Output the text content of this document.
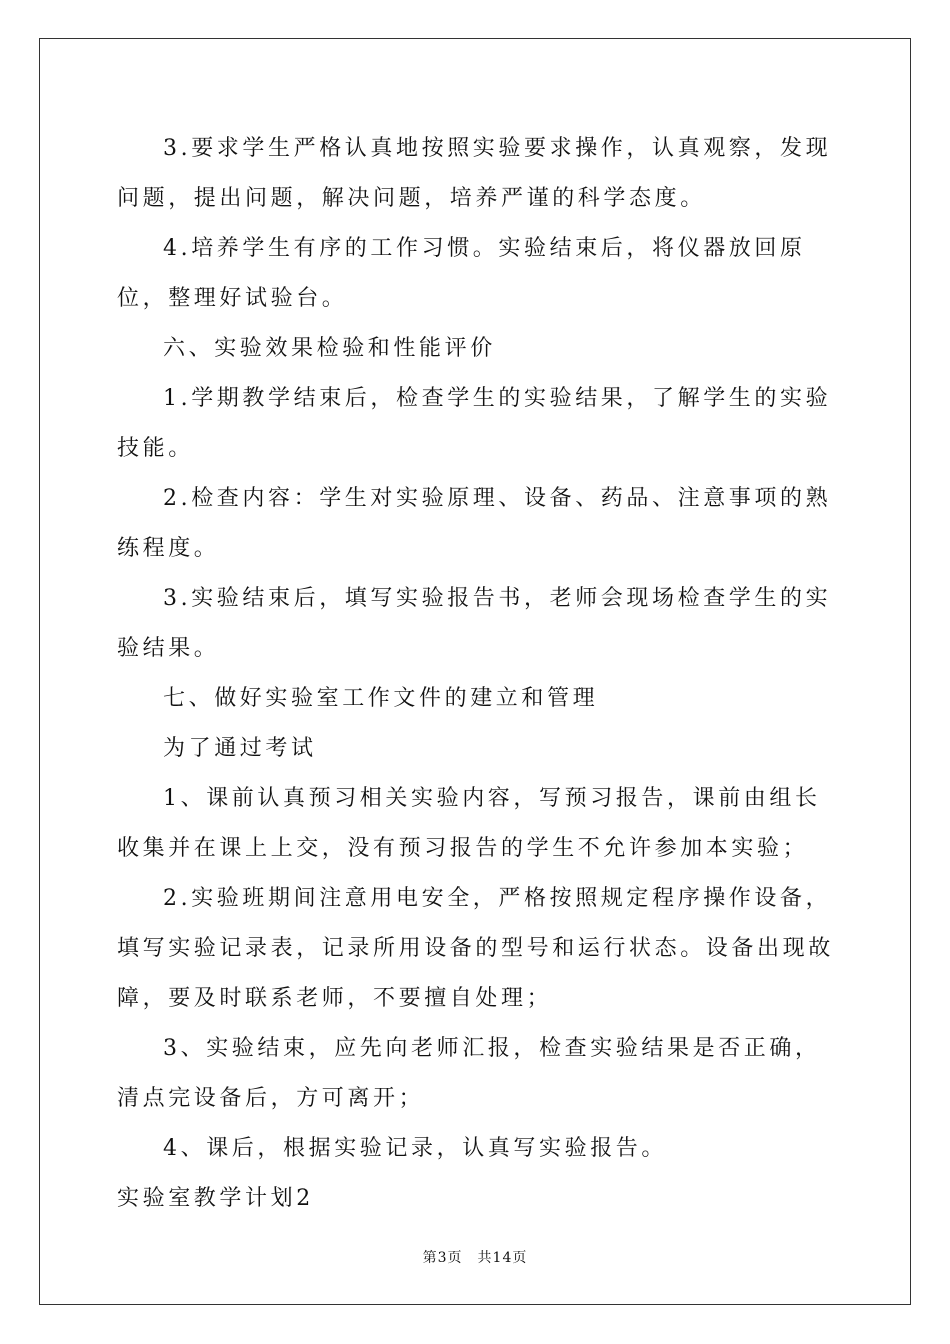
3.要求学生严格认真地按照实验要求操作，认真观察，发现问题，提出问题，解决问题，培养严谨的科学态度。

4.培养学生有序的工作习惯。实验结束后，将仪器放回原位，整理好试验台。

六、实验效果检验和性能评价

1.学期教学结束后，检查学生的实验结果，了解学生的实验技能。

2.检查内容：学生对实验原理、设备、药品、注意事项的熟练程度。

3.实验结束后，填写实验报告书，老师会现场检查学生的实验结果。

七、做好实验室工作文件的建立和管理

为了通过考试

1、课前认真预习相关实验内容，写预习报告，课前由组长收集并在课上上交，没有预习报告的学生不允许参加本实验；

2.实验班期间注意用电安全，严格按照规定程序操作设备，填写实验记录表，记录所用设备的型号和运行状态。设备出现故障，要及时联系老师，不要擅自处理；

3、实验结束，应先向老师汇报，检查实验结果是否正确，清点完设备后，方可离开；

4、课后，根据实验记录，认真写实验报告。

实验室教学计划2

第3页　共14页
